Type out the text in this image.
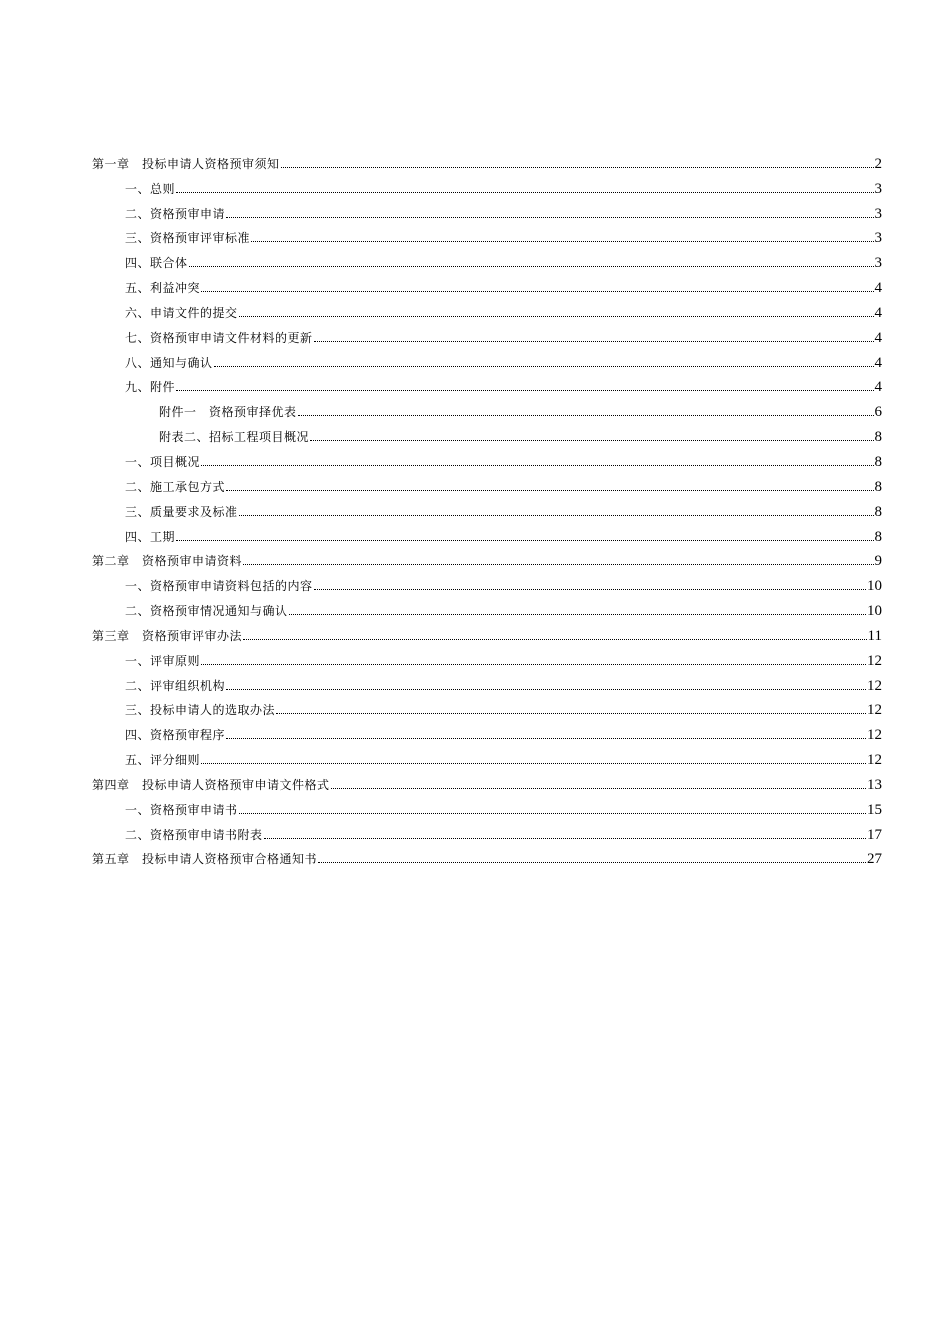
第一章　投标申请人资格预审须知	2
一、总则	3
二、资格预审申请	3
三、资格预审评审标准	3
四、联合体	3
五、利益冲突	4
六、申请文件的提交	4
七、资格预审申请文件材料的更新	4
八、通知与确认	4
九、附件	4
附件一　资格预审择优表	6
附表二、招标工程项目概况	8
一、项目概况	8
二、施工承包方式	8
三、质量要求及标准	8
四、工期	8
第二章　资格预审申请资料	9
一、资格预审申请资料包括的内容	10
二、资格预审情况通知与确认	10
第三章　资格预审评审办法	11
一、评审原则	12
二、评审组织机构	12
三、投标申请人的选取办法	12
四、资格预审程序	12
五、评分细则	12
第四章　投标申请人资格预审申请文件格式	13
一、资格预审申请书	15
二、资格预审申请书附表	17
第五章　投标申请人资格预审合格通知书	27
